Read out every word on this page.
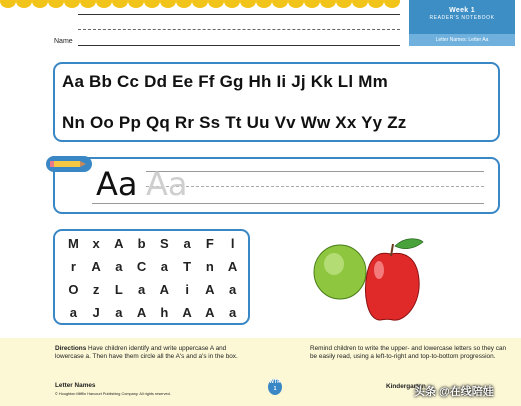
Week 1
READER'S NOTEBOOK
Letter Names: Letter Aa
Name
Aa Bb Cc Dd Ee Ff Gg Hh Ii Jj Kk Ll Mm
Nn Oo Pp Qq Rr Ss Tt Uu Vv Ww Xx Yy Zz
Aa Aa
M	x	A	b	S	a	F	l
r	A	a	C	a	T	n	A
O	z	L	a	A	i	A	a
a	J	a	A	h	A	A	a
Directions Have children identify and write uppercase A and lowercase a. Then have them circle all the A's and a's in the box.
Remind children to write the upper- and lowercase letters so they can be easily read, using a left-to-right and top-to-bottom progression.
Letter Names
© Houghton Mifflin Harcourt Publishing Company. All rights reserved.
WTR
1	Kindergarten
头条 @在线陪娃
